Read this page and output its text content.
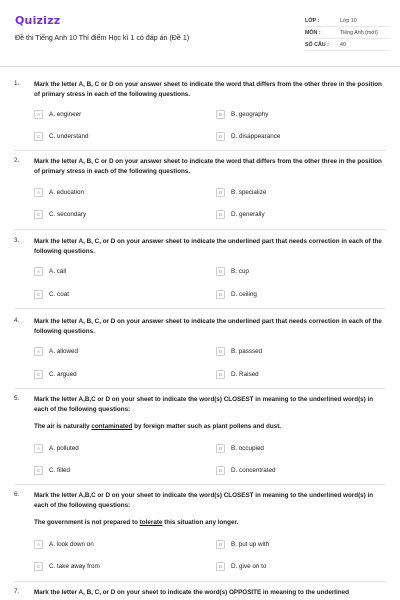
Quizizz
Đề thi Tiếng Anh 10 Thí điểm Học kì 1 có đáp án (Đề 1)
LỚP :	Lớp 10
MÔN :	Tiếng Anh (mới)
SỐ CÂU :	40
1. Mark the letter A, B, C or D on your answer sheet to indicate the word that differs from the other three in the position of primary stress in each of the following questions.
A	A. engineer	B	B. geography
C	C. understand	D	D. disappearance
2. Mark the letter A, B, C or D on your answer sheet to indicate the word that differs from the other three in the position of primary stress in each of the following questions.
A	A. education	B	B. specialize
C	C. secondary	D	D. generally
3. Mark the letter A, B, C, or D on your answer sheet to indicate the underlined part that needs correction in each of the following questions.
A	A. call	B	B. cup
C	C. coat	D	D. ceiling
4. Mark the letter A, B, C, or D on your answer sheet to indicate the underlined part that needs correction in each of the following questions.
A	A. allowed	B	B. passsed
C	C. argued	D	D. Raised
5. Mark the letter A,B,C or D on your sheet to indicate the word(s) CLOSEST in meaning to the underlined word(s) in each of the following questions:
The air is naturally contaminated by foreign matter such as plant pollens and dust.
A	A. polluted	B	B. occupied
C	C. filled	D	D. concentrated
6. Mark the letter A,B,C or D on your sheet to indicate the word(s) CLOSEST in meaning to the underlined word(s) in each of the following questions:
The government is not prepared to tolerate this situation any longer.
A	A. look down on	B	B. put up with
C	C. take away from	D	D. give on to
7. Mark the letter A, B, C, or D on your sheet to indicate the word(s) OPPOSITE in meaning to the underlined
